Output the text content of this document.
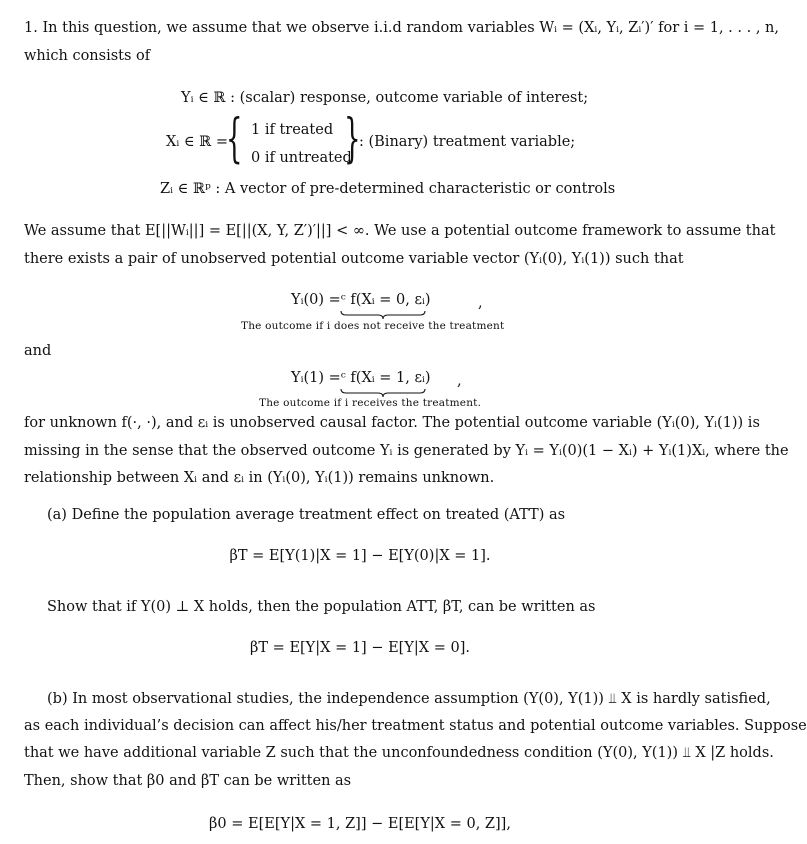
1. In this question, we assume that we observe i.i.d random variables Wᵢ = (Xᵢ, Yᵢ, Zᵢ′)′ for i = 1, . . . , n,
which consists of
Yᵢ ∈ ℝ : (scalar) response, outcome variable of interest;
Xᵢ ∈ ℝ =
{ 1 if treated
0 if untreated
}
: (Binary) treatment variable;
Zᵢ ∈ ℝᵖ : A vector of pre-determined characteristic or controls
We assume that E[||Wᵢ||] = E[||(X, Y, Z′)′||] < ∞. We use a potential outcome framework to assume that
there exists a pair of unobserved potential outcome variable vector (Yᵢ(0), Yᵢ(1)) such that
Yᵢ(0) =ᶜ f(Xᵢ = 0, εᵢ)	,
The outcome if i does not receive the treatment
and
Yᵢ(1) =ᶜ f(Xᵢ = 1, εᵢ) ,
The outcome if i receives the treatment.
for unknown f(·, ·), and εᵢ is unobserved causal factor. The potential outcome variable (Yᵢ(0), Yᵢ(1)) is
missing in the sense that the observed outcome Yᵢ is generated by Yᵢ = Yᵢ(0)(1 − Xᵢ) + Yᵢ(1)Xᵢ, where the
relationship between Xᵢ and εᵢ in (Yᵢ(0), Yᵢ(1)) remains unknown.
(a) Define the population average treatment effect on treated (ATT) as
βT = E[Y(1)|X = 1] − E[Y(0)|X = 1].
Show that if Y(0) ⊥ X holds, then the population ATT, βT, can be written as
βT = E[Y|X = 1] − E[Y|X = 0].
(b) In most observational studies, the independence assumption (Y(0), Y(1)) ⫫ X is hardly satisfied,
as each individual’s decision can affect his/her treatment status and potential outcome variables. Suppose
that we have additional variable Z such that the unconfoundedness condition (Y(0), Y(1)) ⫫ X |Z holds.
Then, show that β0 and βT can be written as
β0 = E[E[Y|X = 1, Z]] − E[E[Y|X = 0, Z]],
